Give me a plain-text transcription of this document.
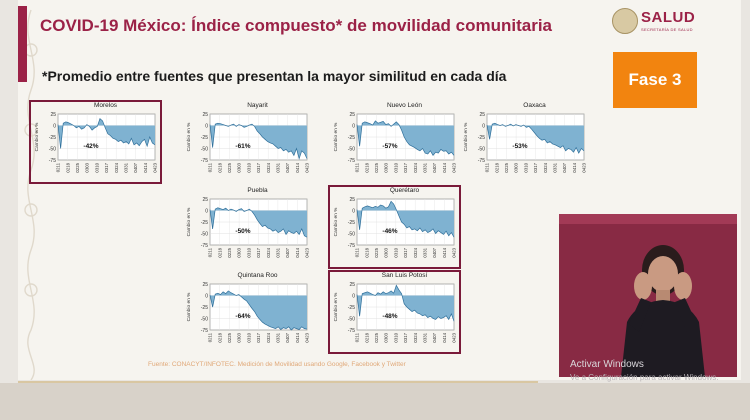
COVID-19 México: Índice compuesto* de movilidad comunitaria
*Promedio entre fuentes que presentan la mayor similitud en cada día
SALUD
SECRETARÍA DE SALUD
Fase 3
Morelos
25
0
-25
-50
-75
0211 0218 0225 0303 0310 0317 0324 0331 0407 0414 0423
Cambio en %	-42%
Nayarit
25
0
-25
-50
-75
0211 0218 0225 0303 0310 0317 0324 0331 0407 0414 0423
Cambio en %	-61%
Nuevo León
25
0
-25
-50
-75
0211 0218 0225 0303 0310 0317 0324 0331 0407 0414 0423
Cambio en %	-57%
Oaxaca
25
0
-25
-50
-75
0211 0218 0225 0303 0310 0317 0324 0331 0407 0414 0423
Cambio en %	-53%
Puebla
25
0
-25
-50
-75
0211 0218 0225 0303 0310 0317 0324 0331 0407 0414 0423
Cambio en %	-50%
Querétaro
25
0
-25
-50
-75
0211 0218 0225 0303 0310 0317 0324 0331 0407 0414 0423
Cambio en %	-46%
Quintana Roo
25
0
-25
-50
-75
0211 0218 0225 0303 0310 0317 0324 0331 0407 0414 0423
Cambio en %	-64%
San Luis Potosí
25
0
-25
-50
-75
0211 0218 0225 0303 0310 0317 0324 0331 0407 0414 0423
Cambio en %	-48%
Fuente: CONACYT/INFOTEC. Medición de Movilidad usando Google, Facebook y Twitter	Activar Windows
Ve a Configuración para activar Windows.
